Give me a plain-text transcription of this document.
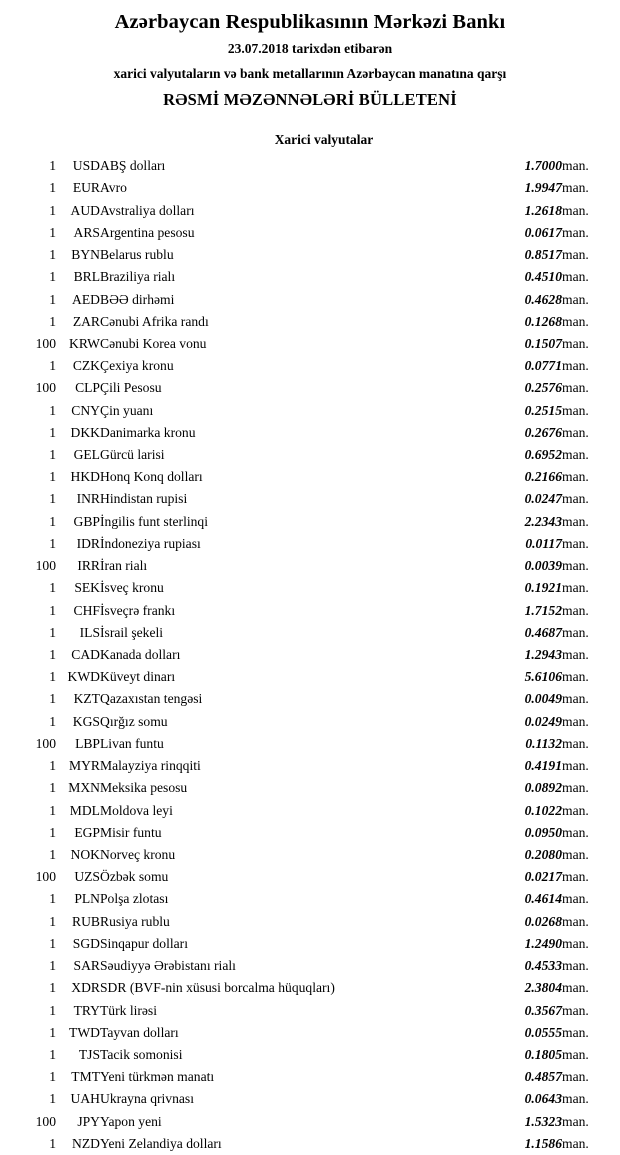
Azərbaycan Respublikasının Mərkəzi Bankı
23.07.2018 tarixdən etibarən
xarici valyutaların və bank metallarının Azərbaycan manatına qarşı
RƏSMİ MƏZƏNNƏLƏRİ BÜLLETENİ
Xarici valyutalar
1	USD	ABŞ dolları	1.7000	man.
1	EUR	Avro	1.9947	man.
1	AUD	Avstraliya dolları	1.2618	man.
1	ARS	Argentina pesosu	0.0617	man.
1	BYN	Belarus rublu	0.8517	man.
1	BRL	Braziliya rialı	0.4510	man.
1	AED	BƏƏ dirhəmi	0.4628	man.
1	ZAR	Cənubi Afrika randı	0.1268	man.
100	KRW	Cənubi Korea vonu	0.1507	man.
1	CZK	Çexiya kronu	0.0771	man.
100	CLP	Çili Pesosu	0.2576	man.
1	CNY	Çin yuanı	0.2515	man.
1	DKK	Danimarka kronu	0.2676	man.
1	GEL	Gürcü larisi	0.6952	man.
1	HKD	Honq Konq dolları	0.2166	man.
1	INR	Hindistan rupisi	0.0247	man.
1	GBP	İngilis funt sterlinqi	2.2343	man.
1	IDR	İndoneziya rupiası	0.0117	man.
100	IRR	İran rialı	0.0039	man.
1	SEK	İsveç kronu	0.1921	man.
1	CHF	İsveçrə frankı	1.7152	man.
1	ILS	İsrail şekeli	0.4687	man.
1	CAD	Kanada dolları	1.2943	man.
1	KWD	Küveyt dinarı	5.6106	man.
1	KZT	Qazaxıstan tengəsi	0.0049	man.
1	KGS	Qırğız somu	0.0249	man.
100	LBP	Livan funtu	0.1132	man.
1	MYR	Malayziya rinqqiti	0.4191	man.
1	MXN	Meksika pesosu	0.0892	man.
1	MDL	Moldova leyi	0.1022	man.
1	EGP	Misir funtu	0.0950	man.
1	NOK	Norveç kronu	0.2080	man.
100	UZS	Özbək somu	0.0217	man.
1	PLN	Polşa zlotası	0.4614	man.
1	RUB	Rusiya rublu	0.0268	man.
1	SGD	Sinqapur dolları	1.2490	man.
1	SAR	Səudiyyə Ərəbistanı rialı	0.4533	man.
1	XDR	SDR (BVF-nin xüsusi borcalma hüquqları)	2.3804	man.
1	TRY	Türk lirəsi	0.3567	man.
1	TWD	Tayvan dolları	0.0555	man.
1	TJS	Tacik somonisi	0.1805	man.
1	TMT	Yeni türkmən manatı	0.4857	man.
1	UAH	Ukrayna qrivnası	0.0643	man.
100	JPY	Yapon yeni	1.5323	man.
1	NZD	Yeni Zelandiya dolları	1.1586	man.
